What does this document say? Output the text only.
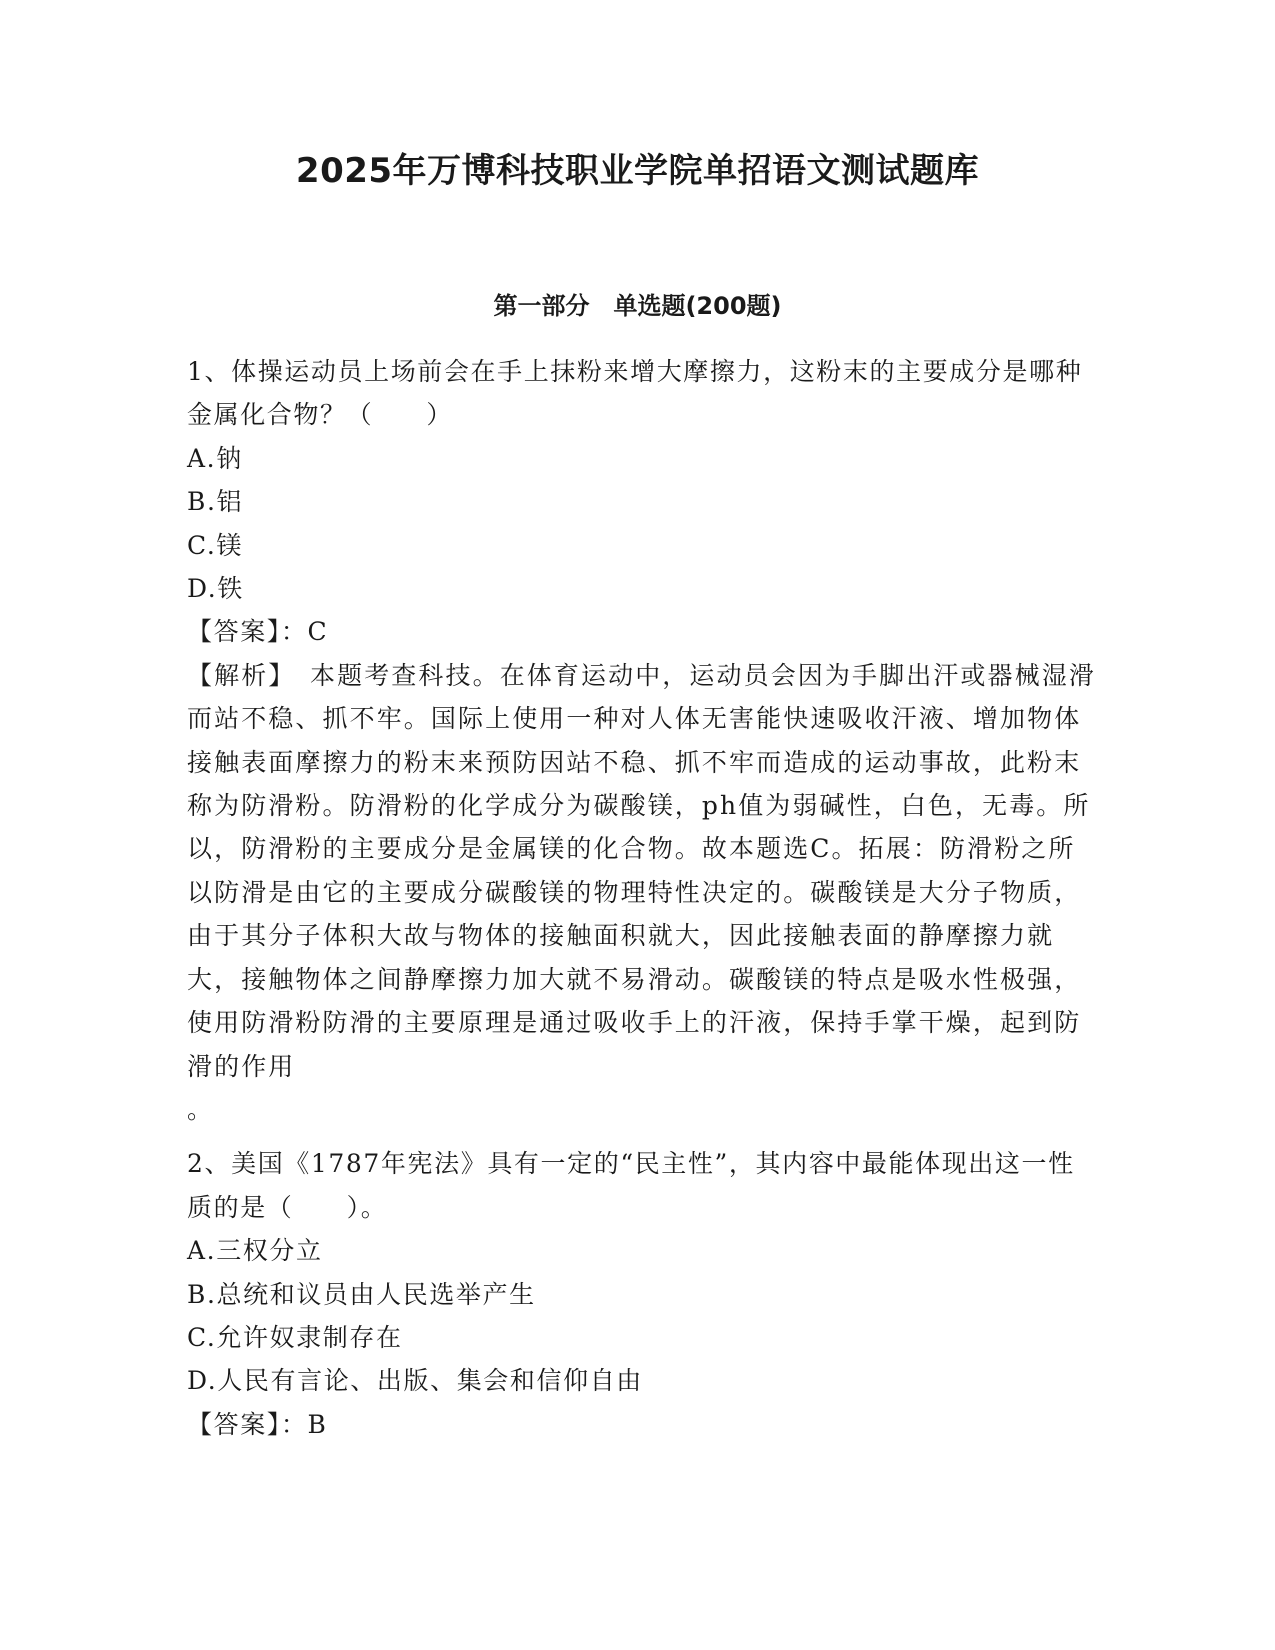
2025年万博科技职业学院单招语文测试题库
第一部分　单选题(200题)

1、体操运动员上场前会在手上抹粉来增大摩擦力，这粉末的主要成分是哪种金属化合物？（　　）

A.钠

B.铝

C.镁

D.铁

【答案】：C

【解析】　本题考查科技。在体育运动中，运动员会因为手脚出汗或器械湿滑而站不稳、抓不牢。国际上使用一种对人体无害能快速吸收汗液、增加物体接触表面摩擦力的粉末来预防因站不稳、抓不牢而造成的运动事故，此粉末称为防滑粉。防滑粉的化学成分为碳酸镁，ph值为弱碱性，白色，无毒。所以，防滑粉的主要成分是金属镁的化合物。故本题选C。拓展：防滑粉之所以防滑是由它的主要成分碳酸镁的物理特性决定的。碳酸镁是大分子物质，由于其分子体积大故与物体的接触面积就大，因此接触表面的静摩擦力就大，接触物体之间静摩擦力加大就不易滑动。碳酸镁的特点是吸水性极强，使用防滑粉防滑的主要原理是通过吸收手上的汗液，保持手掌干燥，起到防滑的作用

。

2、美国《1787年宪法》具有一定的“民主性”，其内容中最能体现出这一性质的是（　　）。

A.三权分立

B.总统和议员由人民选举产生

C.允许奴隶制存在

D.人民有言论、出版、集会和信仰自由

【答案】：B
